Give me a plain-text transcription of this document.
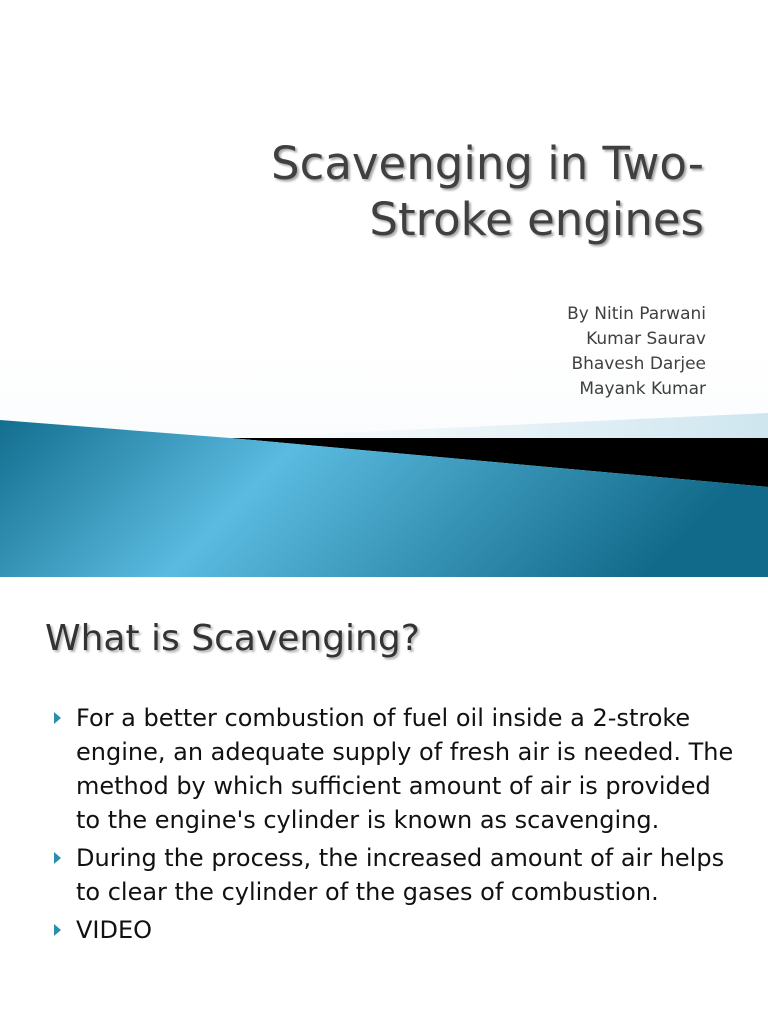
Scavenging in Two-
Stroke engines
By Nitin Parwani
Kumar Saurav
Bhavesh Darjee
Mayank Kumar
What is Scavenging?
For a better combustion of fuel oil inside a 2-stroke engine, an adequate supply of fresh air is needed. The method by which sufficient amount of air is provided to the engine's cylinder is known as scavenging.
During the process, the increased amount of air helps to clear the cylinder of the gases of combustion.
VIDEO
